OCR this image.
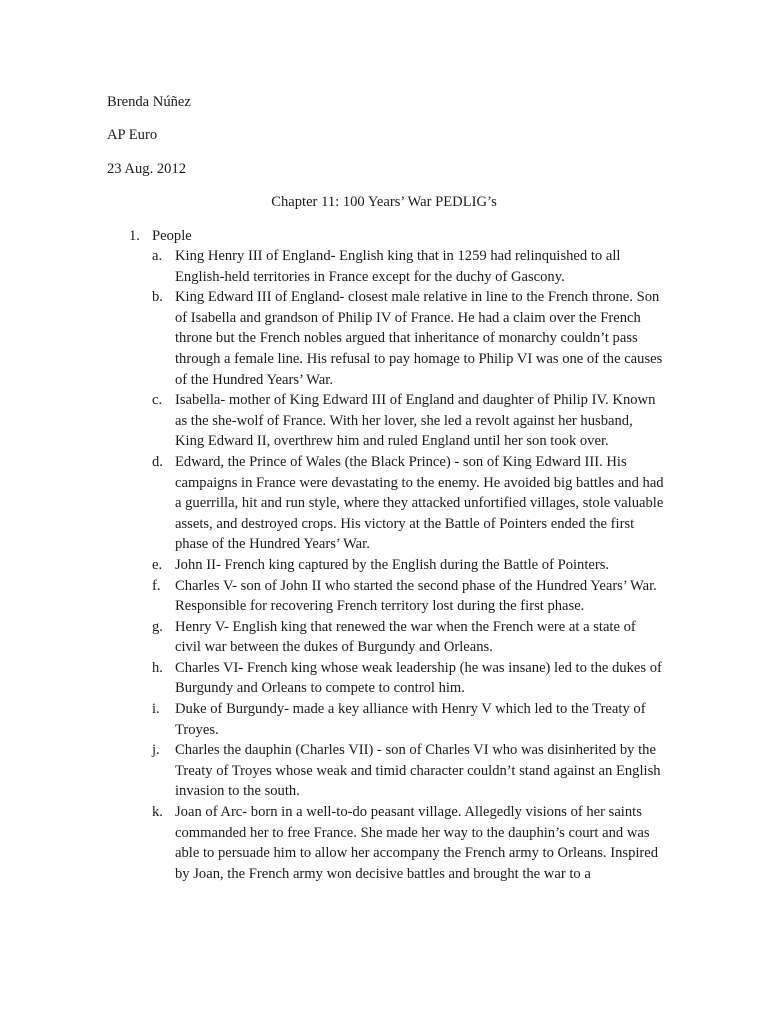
Brenda Núñez
AP Euro
23 Aug. 2012
Chapter 11: 100 Years’ War PEDLIG’s
1. People
a. King Henry III of England- English king that in 1259 had relinquished to all English-held territories in France except for the duchy of Gascony.
b. King Edward III of England- closest male relative in line to the French throne. Son of Isabella and grandson of Philip IV of France. He had a claim over the French throne but the French nobles argued that inheritance of monarchy couldn’t pass through a female line. His refusal to pay homage to Philip VI was one of the causes of the Hundred Years’ War.
c. Isabella- mother of King Edward III of England and daughter of Philip IV. Known as the she-wolf of France. With her lover, she led a revolt against her husband, King Edward II, overthrew him and ruled England until her son took over.
d. Edward, the Prince of Wales (the Black Prince) - son of King Edward III. His campaigns in France were devastating to the enemy. He avoided big battles and had a guerrilla, hit and run style, where they attacked unfortified villages, stole valuable assets, and destroyed crops. His victory at the Battle of Pointers ended the first phase of the Hundred Years’ War.
e. John II- French king captured by the English during the Battle of Pointers.
f. Charles V- son of John II who started the second phase of the Hundred Years’ War. Responsible for recovering French territory lost during the first phase.
g. Henry V- English king that renewed the war when the French were at a state of civil war between the dukes of Burgundy and Orleans.
h. Charles VI- French king whose weak leadership (he was insane) led to the dukes of Burgundy and Orleans to compete to control him.
i.	Duke of Burgundy- made a key alliance with Henry V which led to the Treaty of Troyes.
j.	Charles the dauphin (Charles VII) - son of Charles VI who was disinherited by the Treaty of Troyes whose weak and timid character couldn’t stand against an English invasion to the south.
k. Joan of Arc- born in a well-to-do peasant village. Allegedly visions of her saints commanded her to free France. She made her way to the dauphin’s court and was able to persuade him to allow her accompany the French army to Orleans. Inspired by Joan, the French army won decisive battles and brought the war to a
